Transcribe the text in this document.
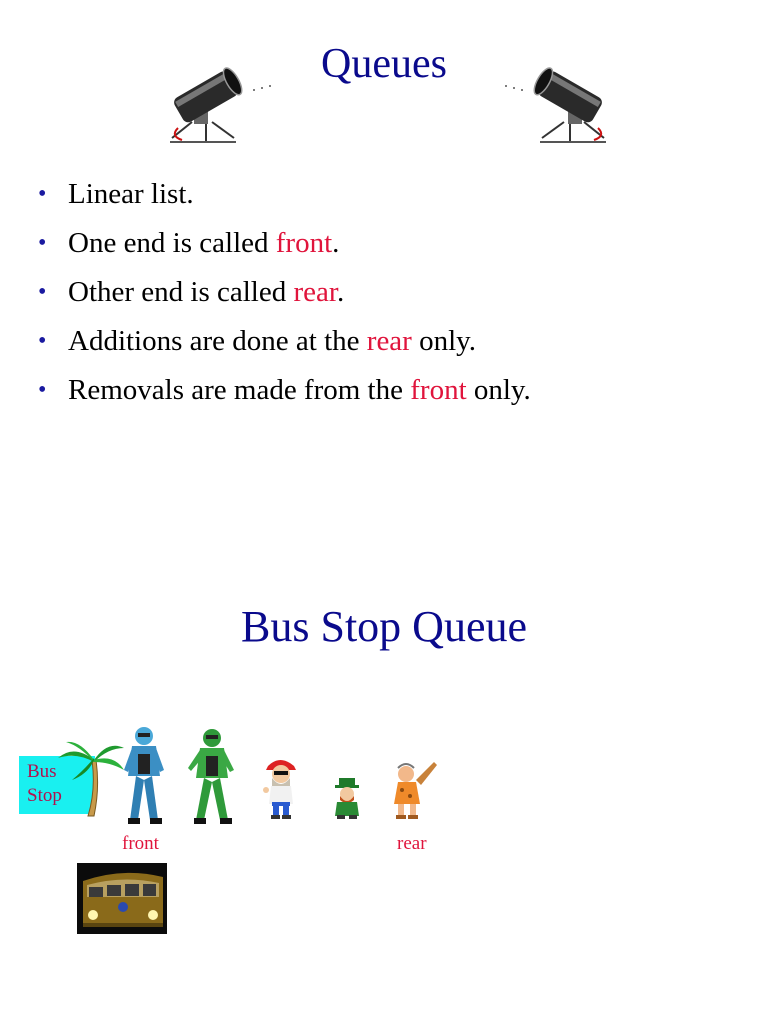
Queues
• Linear list.
• One end is called front.
• Other end is called rear.
• Additions are done at the rear only.
• Removals are made from the front only.
Bus Stop Queue
Bus
Stop
front	rear
